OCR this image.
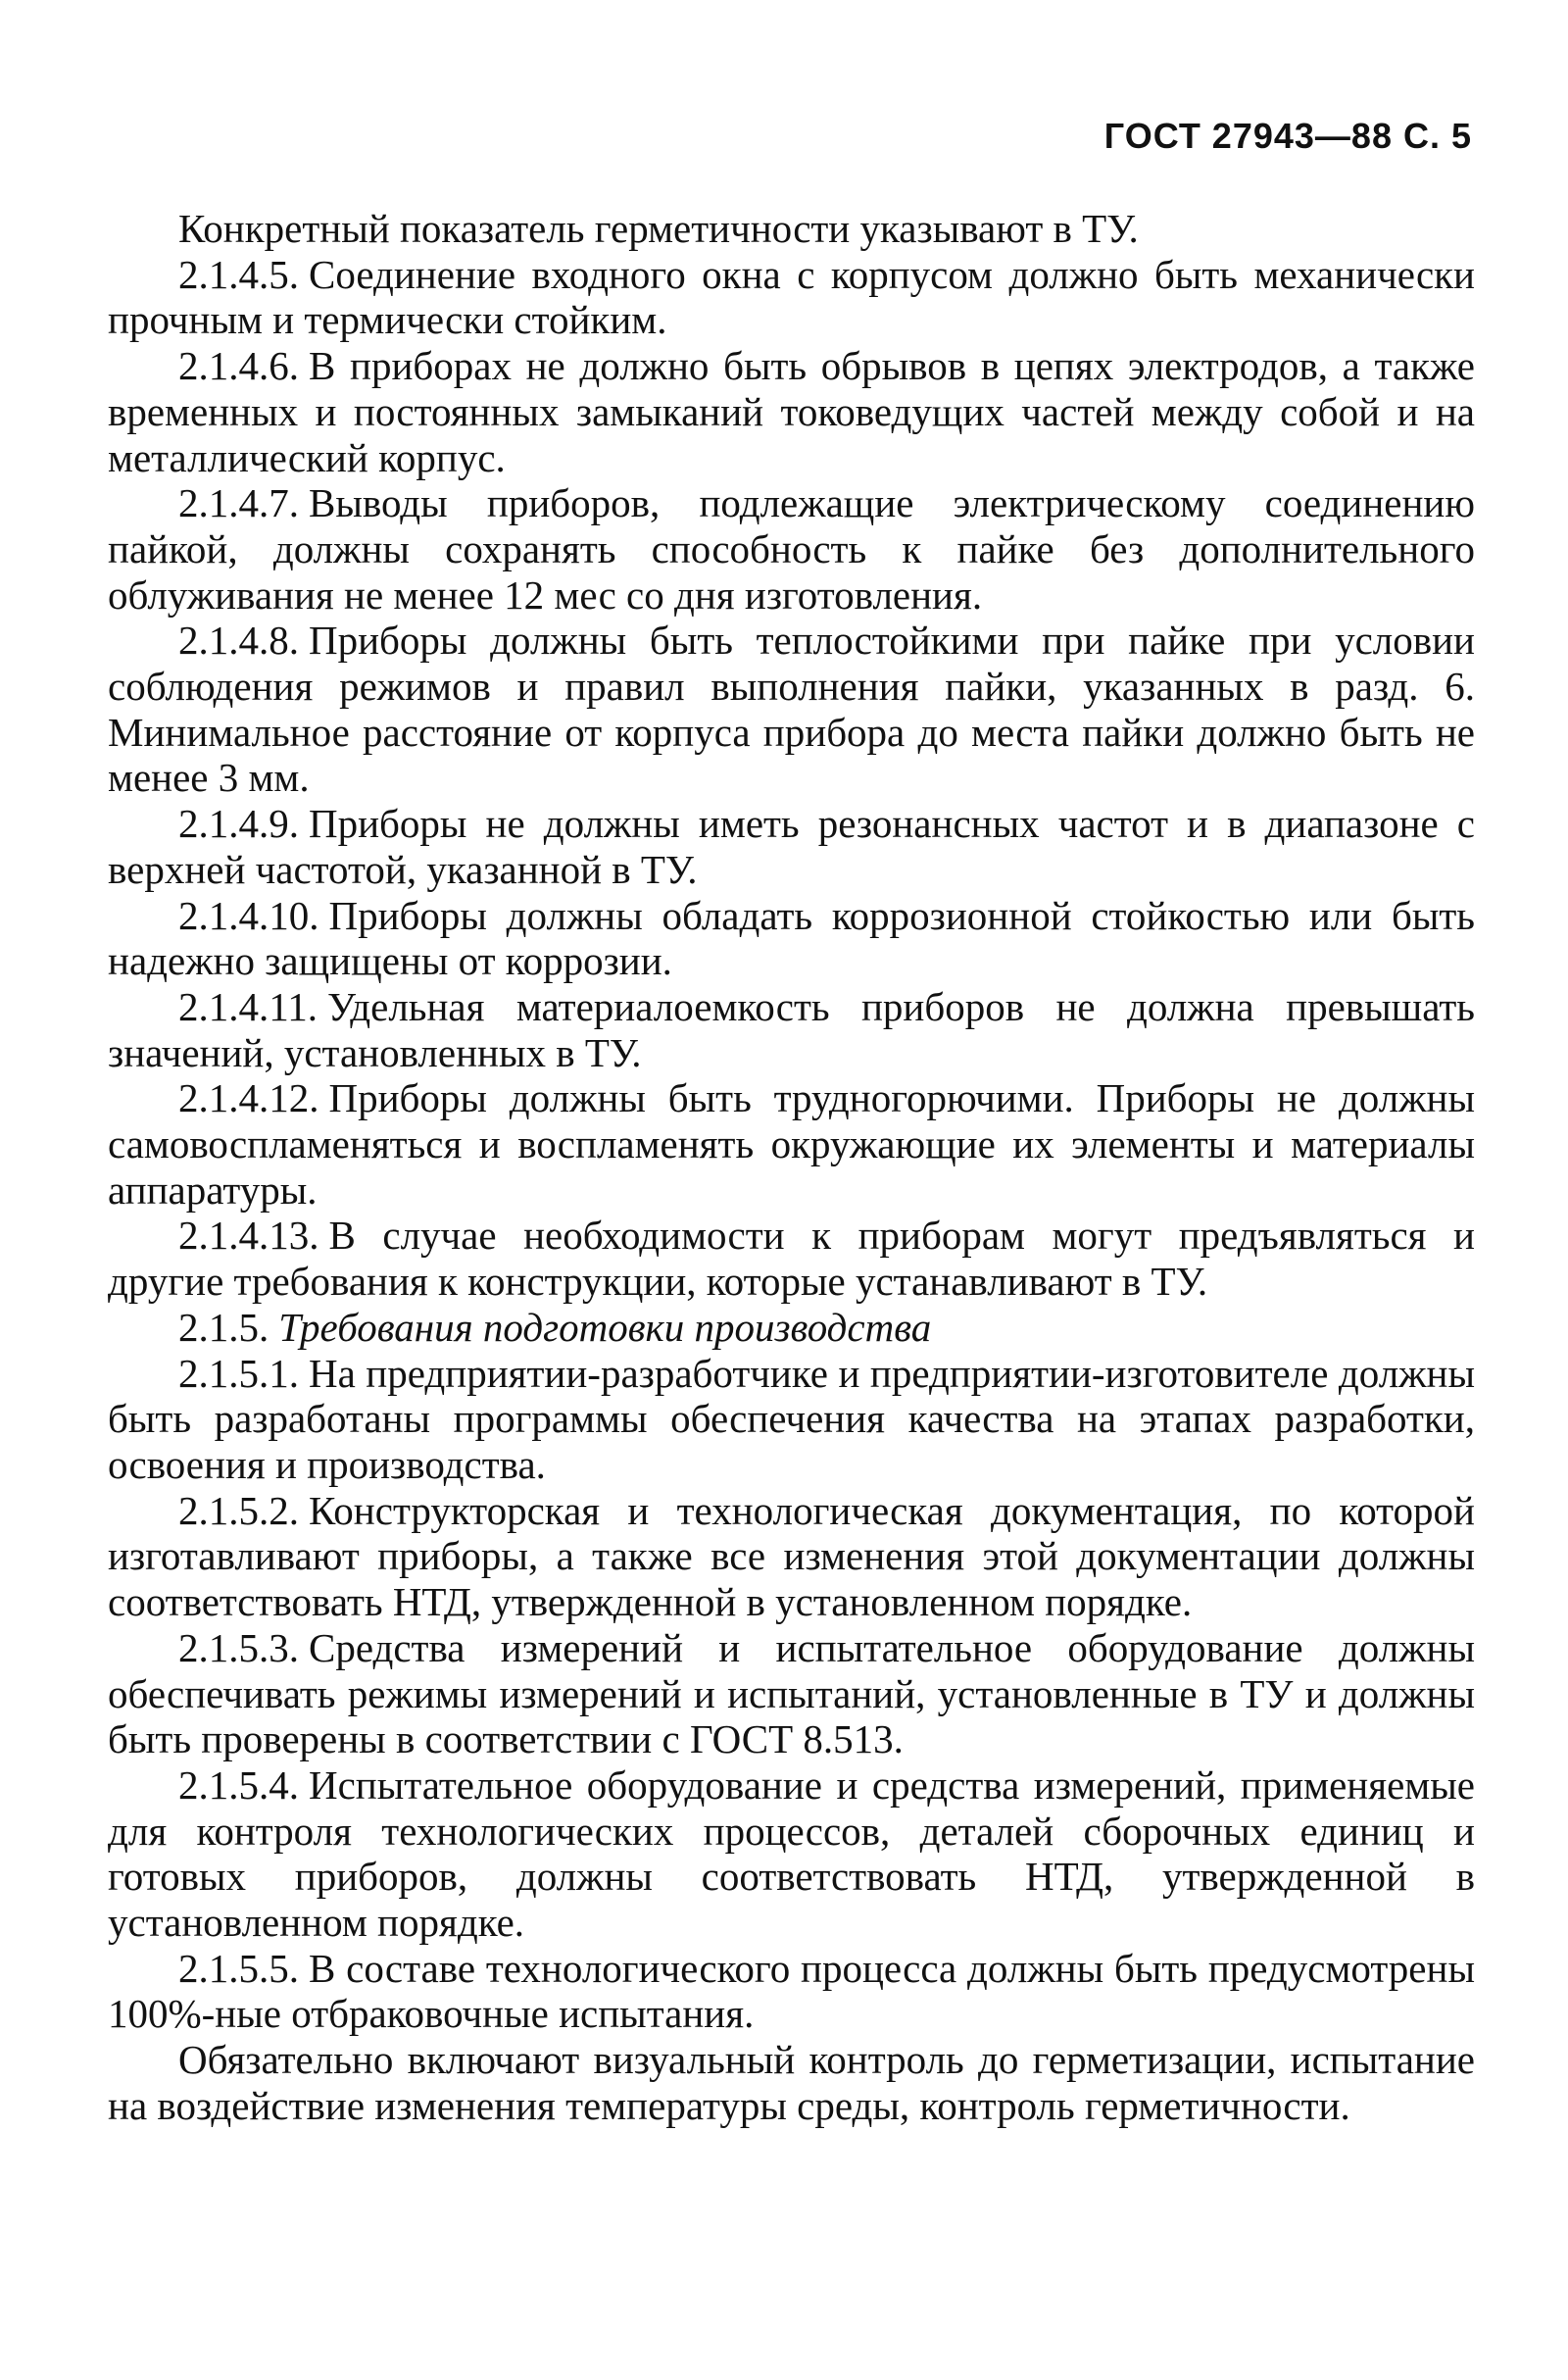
ГОСТ 27943—88 С. 5

Конкретный показатель герметичности указывают в ТУ.

2.1.4.5. Соединение входного окна с корпусом должно быть механически прочным и термически стойким.

2.1.4.6. В приборах не должно быть обрывов в цепях электродов, а также временных и постоянных замыканий токоведущих частей между собой и на металлический корпус.

2.1.4.7. Выводы приборов, подлежащие электрическому соединению пайкой, должны сохранять способность к пайке без дополнительного облуживания не менее 12 мес со дня изготовления.

2.1.4.8. Приборы должны быть теплостойкими при пайке при условии соблюдения режимов и правил выполнения пайки, указанных в разд. 6. Минимальное расстояние от корпуса прибора до места пайки должно быть не менее 3 мм.

2.1.4.9. Приборы не должны иметь резонансных частот и в диапазоне с верхней частотой, указанной в ТУ.

2.1.4.10. Приборы должны обладать коррозионной стойкостью или быть надежно защищены от коррозии.

2.1.4.11. Удельная материалоемкость приборов не должна превышать значений, установленных в ТУ.

2.1.4.12. Приборы должны быть трудногорючими. Приборы не должны самовоспламеняться и воспламенять окружающие их элементы и материалы аппаратуры.

2.1.4.13. В случае необходимости к приборам могут предъявляться и другие требования к конструкции, которые устанавливают в ТУ.

2.1.5. Требования подготовки производства

2.1.5.1. На предприятии-разработчике и предприятии-изготовителе должны быть разработаны программы обеспечения качества на этапах разработки, освоения и производства.

2.1.5.2. Конструкторская и технологическая документация, по которой изготавливают приборы, а также все изменения этой документации должны соответствовать НТД, утвержденной в установленном порядке.

2.1.5.3. Средства измерений и испытательное оборудование должны обеспечивать режимы измерений и испытаний, установленные в ТУ и должны быть проверены в соответствии с ГОСТ 8.513.

2.1.5.4. Испытательное оборудование и средства измерений, применяемые для контроля технологических процессов, деталей сборочных единиц и готовых приборов, должны соответствовать НТД, утвержденной в установленном порядке.

2.1.5.5. В составе технологического процесса должны быть предусмотрены 100%-ные отбраковочные испытания.

Обязательно включают визуальный контроль до герметизации, испытание на воздействие изменения температуры среды, контроль герметичности.
